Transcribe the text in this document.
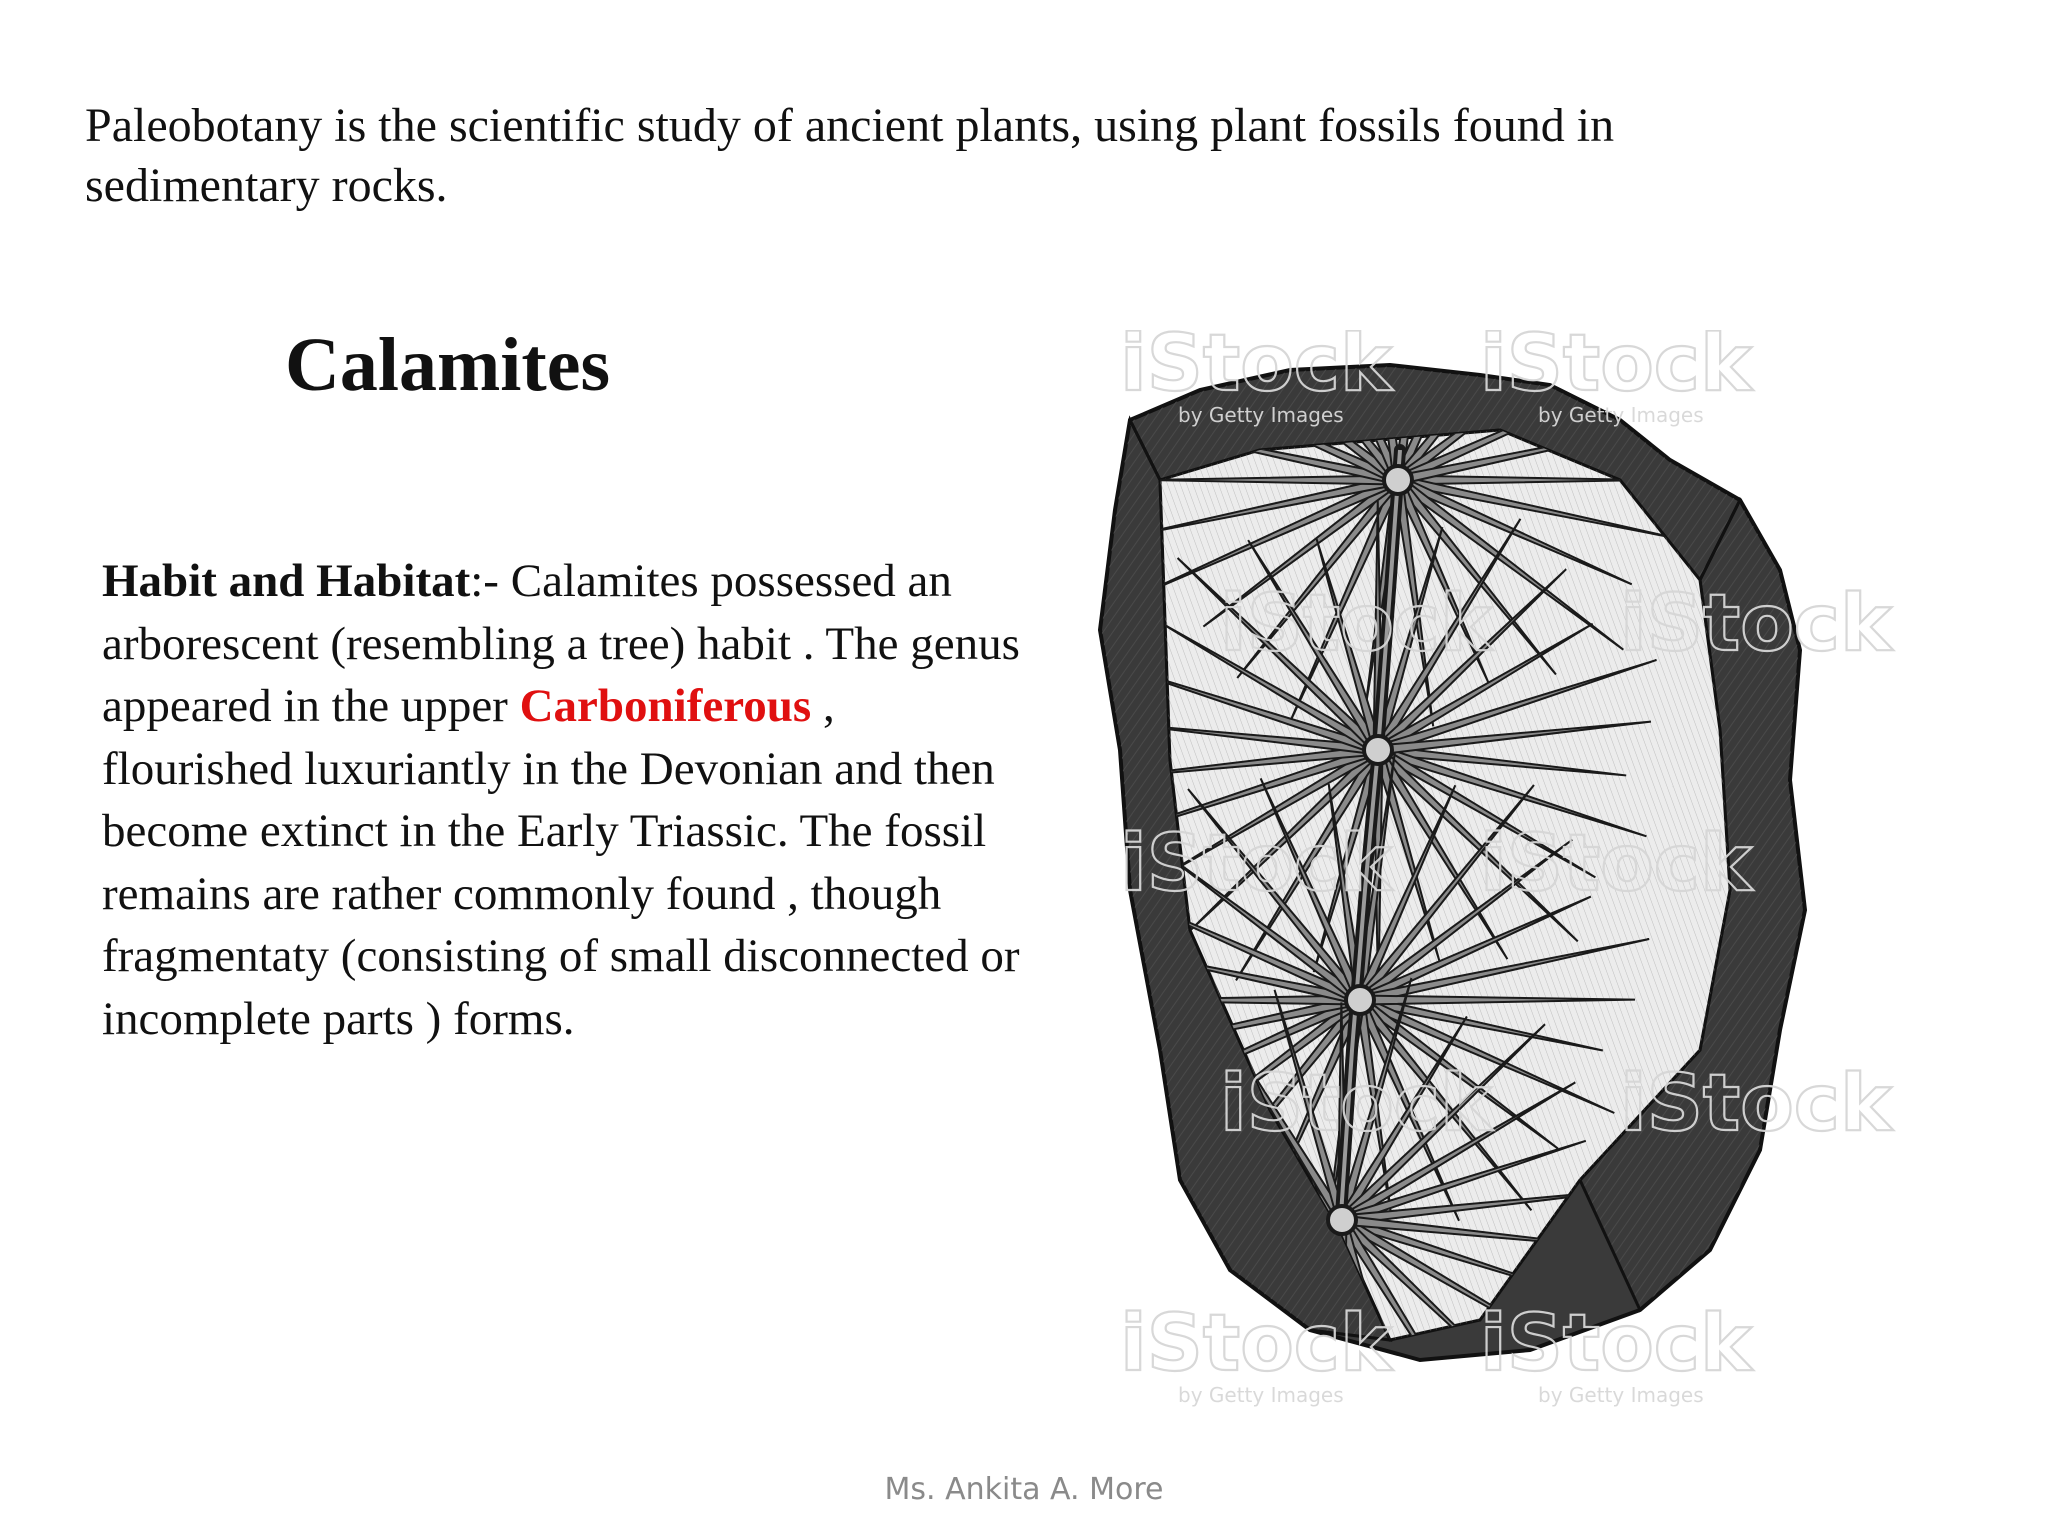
Paleobotany is the scientific study of ancient plants, using plant fossils found in sedimentary rocks.

Calamites

Habit and Habitat:- Calamites possessed an arborescent (resembling a tree) habit . The genus appeared in the upper Carboniferous , flourished luxuriantly in the Devonian and then become extinct in the Early Triassic. The fossil remains are rather commonly found , though fragmentaty (consisting of small disconnected or incomplete parts ) forms.

iStock
by Getty Images
iStock
by Getty Images
iStock iStock
iStock iStock
iStock iStock
iStock
by Getty Images
iStock
by Getty Images
Ms. Ankita A. More
